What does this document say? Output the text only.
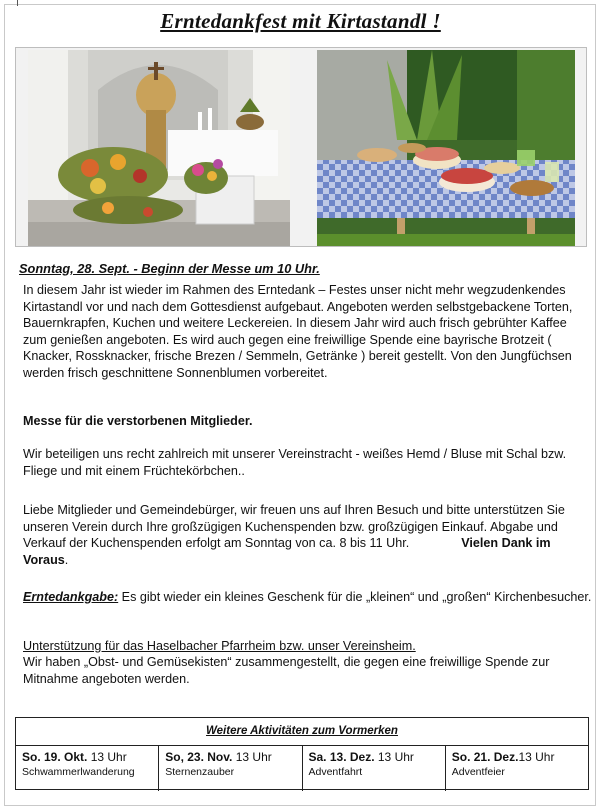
Erntedankfest mit Kirtastandl !
Sonntag, 28. Sept. - Beginn der Messe um 10 Uhr.
In diesem Jahr ist wieder im Rahmen des Erntedank – Festes unser nicht mehr wegzudenkendes Kirtastandl vor und nach dem Gottesdienst aufgebaut. Angeboten werden selbstgebackene Torten, Bauernkrapfen, Kuchen und weitere Leckereien. In diesem Jahr wird auch frisch gebrühter Kaffee zum genießen angeboten. Es wird auch gegen eine freiwillige Spende eine bayrische Brotzeit ( Knacker, Rossknacker, frische Brezen / Semmeln, Getränke ) bereit gestellt. Von den Jungfüchsen werden frisch geschnittene Sonnenblumen vorbereitet.
Messe für die verstorbenen Mitglieder.
Wir beteiligen uns recht zahlreich mit unserer Vereinstracht - weißes Hemd / Bluse mit Schal bzw. Fliege und mit einem Früchtekörbchen..
Liebe Mitglieder und Gemeindebürger, wir freuen uns auf Ihren Besuch und bitte unterstützen Sie unseren Verein durch Ihre großzügigen Kuchenspenden bzw. großzügigen Einkauf. Abgabe und Verkauf der Kuchenspenden erfolgt am Sonntag von ca. 8 bis 11 Uhr.	Vielen Dank im Voraus.
Erntedankgabe: Es gibt wieder ein kleines Geschenk für die „kleinen“ und „großen“ Kirchenbesucher.
Unterstützung für das Haselbacher Pfarrheim bzw. unser Vereinsheim.
Wir haben „Obst- und Gemüsekisten“ zusammengestellt, die gegen eine freiwillige Spende zur Mitnahme angeboten werden.
Weitere Aktivitäten zum Vormerken
So. 19. Okt. 13 Uhr
Schwammerlwanderung
So, 23. Nov. 13 Uhr
Sternenzauber
Sa. 13. Dez. 13 Uhr
Adventfahrt
So. 21. Dez.13 Uhr
Adventfeier
